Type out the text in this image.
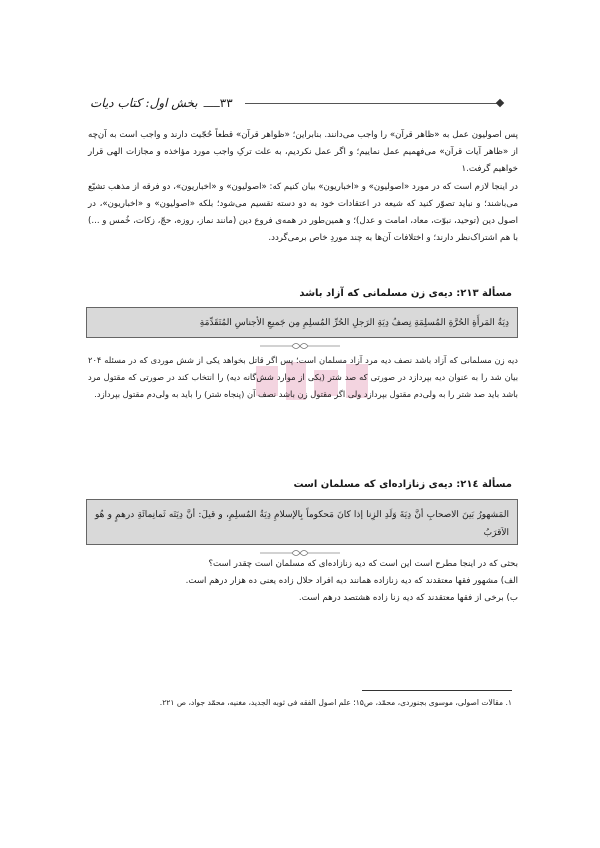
۳۳
ـــــ
بخش اول: کتاب دیات

پس اصولیون عمل به «ظاهر قرآن» را واجب می‌دانند. بنابراین؛ «ظواهر قرآن» قطعاً حُجّیت دارند و واجب است به آن‌چه از «ظاهر آیات قرآن» می‌فهمیم عمل نماییم؛ و اگر عمل نکردیم، به علت ترکِ واجب مورد مؤاخذه و مجازات الهی قرار خواهیم گرفت.۱

در اینجا لازم است که در مورد «اصولیون» و «اخباریون» بیان کنیم که: «اصولیون» و «اخباریون»، دو فرقه از مذهب تشیّع می‌باشند؛ و نباید تصوّر کنید که شیعه در اعتقادات خود به دو دسته تقسیم می‌شود؛ بلکه «اصولیون» و «اخباریون»، در اصول دین (توحید، نبوّت، معاد، امامت و عدل)؛ و همین‌طور در همه‌ی فروع دین (مانند نماز، روزه، حجّ، زکات، خُمس و ...) با هم اشتراک‌نظر دارند؛ و اختلافات آن‌ها به چند موردِ خاص برمی‌گردد.

مسألة ٢١٣: دیه‌ی زن مسلمانی که آزاد باشد
دِيَةُ المَرأَةِ الحُرَّةِ المُسلِمَةِ نِصفُ دِيَةِ الرَجلِ الحُرِّ المُسلِمِ مِن جَميعِ الأجناسِ المُتَقَدِّمَةِ

دیه زن مسلمانی که آزاد باشد نصف دیه مرد آزاد مسلمان است؛ پس اگر قاتل بخواهد یکی از شش موردی که در مسئله ۲۰۴ بیان شد را به عنوان دیه بپردازد در صورتی که صد شتر (یکی از موارد شش‌گانه دیه) را انتخاب کند در صورتی که مقتول مرد باشد باید صد شتر را به ولی‌دم مقتول بپردازد ولی اگر مقتول زن باشد نصف آن (پنجاه شتر) را باید به ولی‌دم مقتول بپردازد.

مسألة ٢١٤: دیه‌ی زنازاده‌ای که مسلمان است
المَشهورُ بَينَ الاصحابِ أنَّ دِيَةَ وَلَدِ الزِنا إذا كانَ مَحكوماً بِالإسلامِ دِيَةُ المُسلِمِ، و قيلَ: أنَّ دِيَتَه ثَمانِمائَةِ درهمٍ و هُو الاَقرَبُ

بحثی که در اینجا مطرح است این است که دیه زنازاده‌ای که مسلمان است چقدر است؟

الف) مشهور فقها معتقدند که دیه زنازاده همانند دیه افراد حلال زاده یعنی ده هزار درهم است.

ب) برخی از فقها معتقدند که دیه زنا زاده هشتصد درهم است.

۱. مقالات اصولی، موسوی بجنوردی، محمّد، ص۱۵؛ علم اصول الفقه فی ثوبه الجدید، مغنیه، محمّد جواد، ص ۲۲۱.
